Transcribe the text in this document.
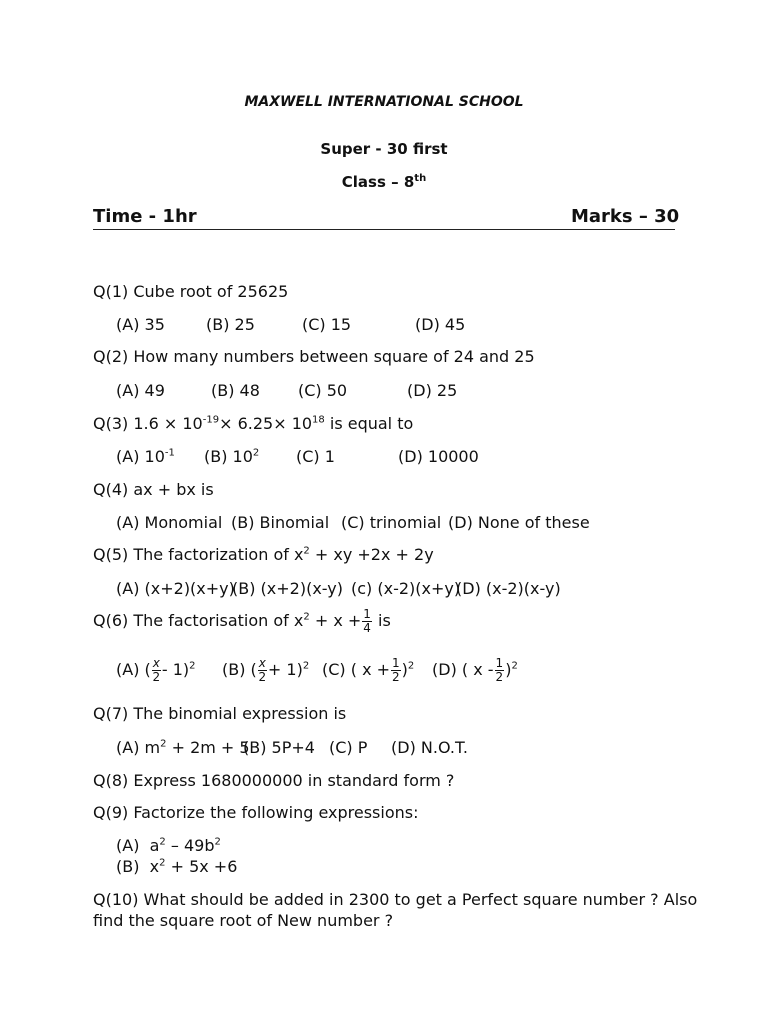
MAXWELL INTERNATIONAL SCHOOL
Super - 30 first
Class – 8th
Time - 1hr	Marks – 30
Q(1) Cube root of 25625
(A) 35	(B) 25	(C) 15	(D) 45
Q(2) How many numbers between square of 24 and 25
(A) 49	(B) 48 (C) 50	(D) 25
Q(3) $1.6 \times 10^{-19}\times 6.25\times 10^{18}$ is equal to
(A) $10^{-1}$ (B) $10^2$ (C) 1	(D) 10000
Q(4) ax + bx is
(A) Monomial (B) Binomial (C) trinomial (D) None of these
Q(5) The factorization of $x^2$ + xy +2x + 2y
(A) (x+2)(x+y)
(B) (x+2)(x-y) (c) (x-2)(x+y)
(D) (x-2)(x-y)
Q(6) The factorisation of $x^2 + x + \frac{1}{4}$ is
(A) ( $\frac{x}{2} - 1)^2$ (B) ( $\frac{x}{2} + 1)^2$ (C) ( $x + \frac{1}{2} )^2$ (D) ( x - $\frac{1}{2} )^2$
Q(7) The binomial expression is
(A) $m^2 + 2m + 5$
(B) 5P+4 (C) P (D) N.O.T.
Q(8) Express 1680000000 in standard form ?
Q(9) Factorize the following expressions:
(A)  $a^2 - 49b^2$
(B)  $x^2 + 5x +6$
Q(10) What should be added in 2300 to get a Perfect square number ? Also
find the square root of New number ?
